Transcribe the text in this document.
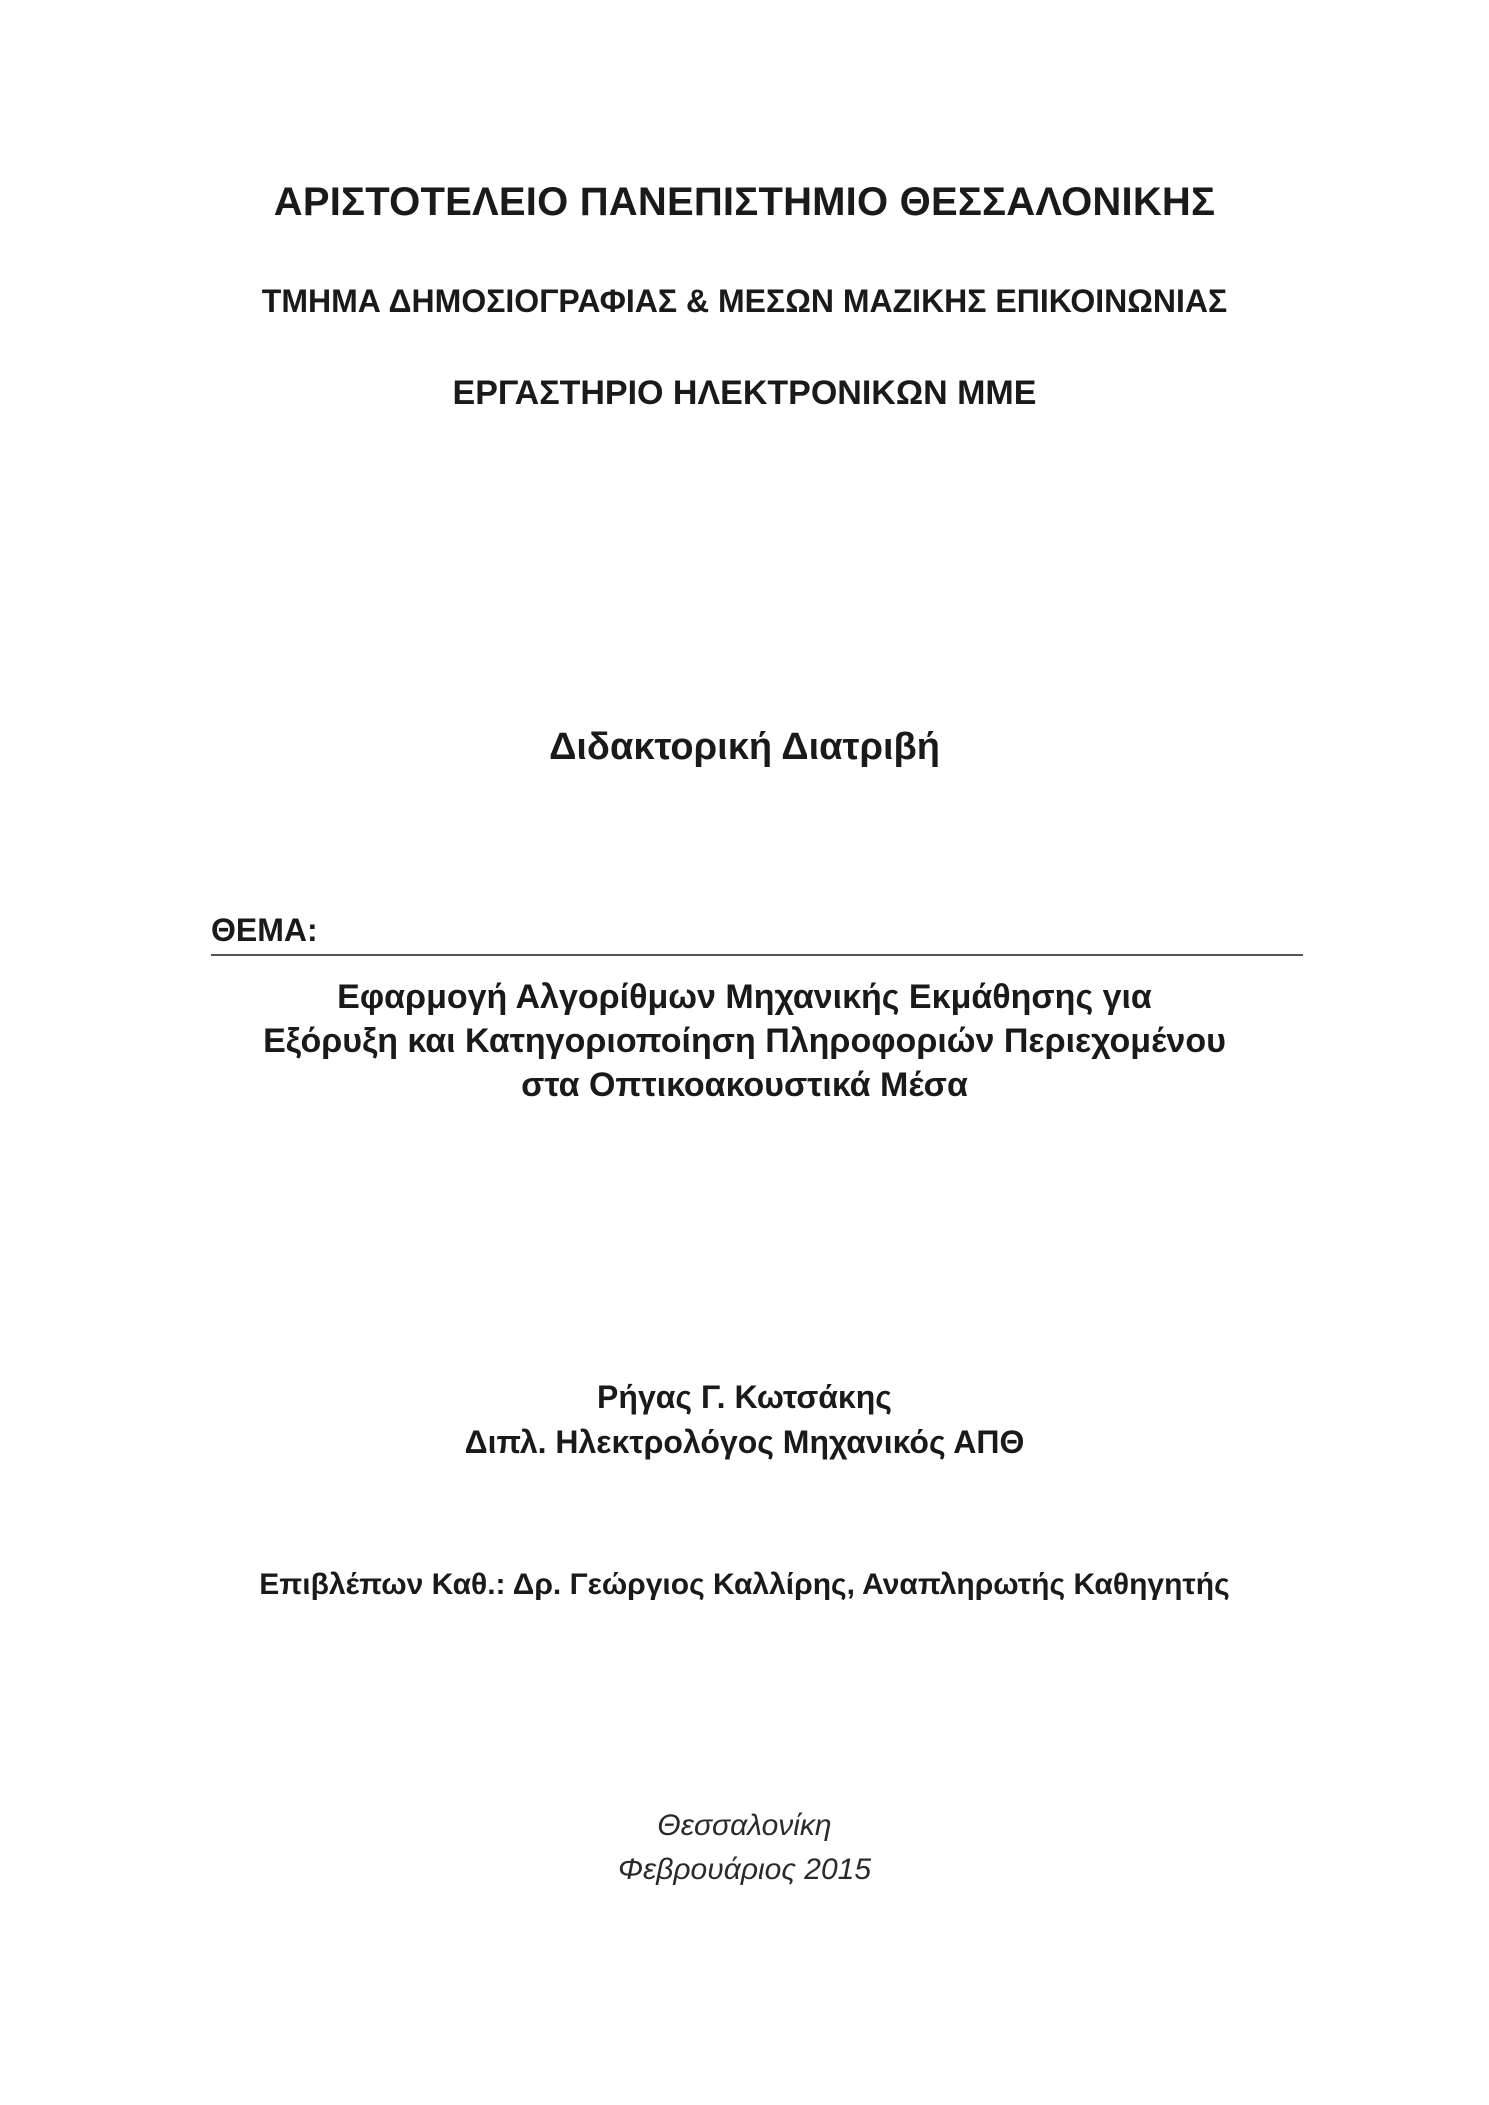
ΑΡΙΣΤΟΤΕΛΕΙΟ ΠΑΝΕΠΙΣΤΗΜΙΟ ΘΕΣΣΑΛΟΝΙΚΗΣ
ΤΜΗΜΑ ΔΗΜΟΣΙΟΓΡΑΦΙΑΣ & ΜΕΣΩΝ ΜΑΖΙΚΗΣ ΕΠΙΚΟΙΝΩΝΙΑΣ
ΕΡΓΑΣΤΗΡΙΟ ΗΛΕΚΤΡΟΝΙΚΩΝ ΜΜΕ
Διδακτορική Διατριβή
ΘΕΜΑ:
Εφαρμογή Αλγορίθμων Μηχανικής Εκμάθησης για
Εξόρυξη και Κατηγοριοποίηση Πληροφοριών Περιεχομένου
στα Οπτικοακουστικά Μέσα
Ρήγας Γ. Κωτσάκης
Διπλ. Ηλεκτρολόγος Μηχανικός ΑΠΘ
Επιβλέπων Καθ.: Δρ. Γεώργιος Καλλίρης, Αναπληρωτής Καθηγητής
Θεσσαλονίκη
Φεβρουάριος 2015
